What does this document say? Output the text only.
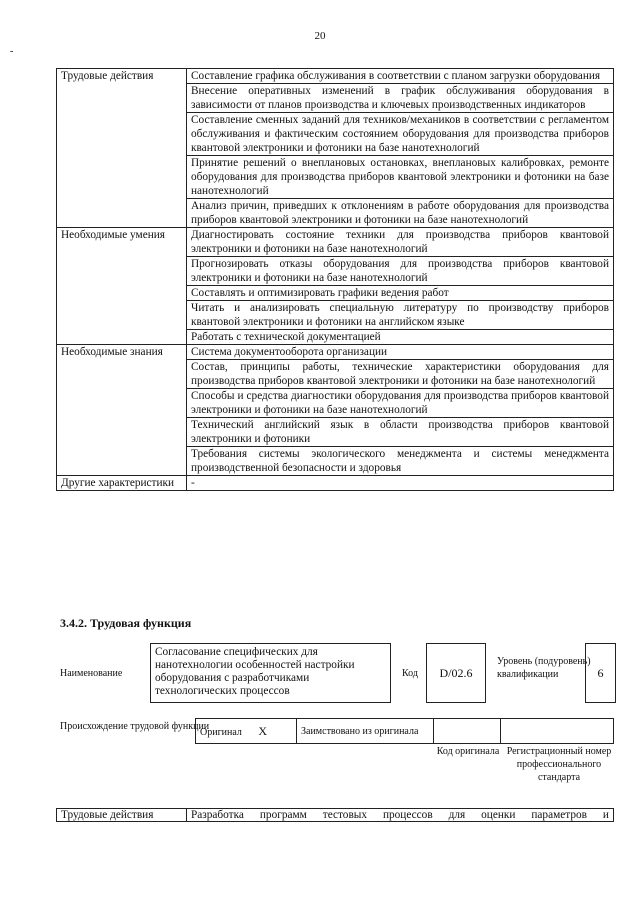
20
-
Трудовые действия	Составление графика обслуживания в соответствии с планом загрузки оборудования
	Внесение оперативных изменений в график обслуживания оборудования в зависимости от планов производства и ключевых производственных индикаторов
	Составление сменных заданий для техников/механиков в соответствии с регламентом обслуживания и фактическим состоянием оборудования для производства приборов квантовой электроники и фотоники на базе нанотехнологий
	Принятие решений о внеплановых остановках, внеплановых калибровках, ремонте оборудования для производства приборов квантовой электроники и фотоники на базе нанотехнологий
	Анализ причин, приведших к отклонениям в работе оборудования для производства приборов квантовой электроники и фотоники на базе нанотехнологий
Необходимые умения	Диагностировать состояние техники для производства приборов квантовой электроники и фотоники на базе нанотехнологий
	Прогнозировать отказы оборудования для производства приборов квантовой электроники и фотоники на базе нанотехнологий
	Составлять и оптимизировать графики ведения работ
	Читать и анализировать специальную литературу по производству приборов квантовой электроники и фотоники на английском языке
	Работать с технической документацией
Необходимые знания	Система документооборота организации
	Состав, принципы работы, технические характеристики оборудования для производства приборов квантовой электроники и фотоники на базе нанотехнологий
	Способы и средства диагностики оборудования для производства приборов квантовой электроники и фотоники на базе нанотехнологий
	Технический английский язык в области производства приборов квантовой электроники и фотоники
	Требования системы экологического менеджмента и системы менеджмента производственной безопасности и здоровья
Другие характеристики	-
3.4.2. Трудовая функция
Наименование
Согласование специфических для нанотехнологии особенностей настройки оборудования с разработчиками технологических процессов
Код	D/02.6
Уровень (подуровень) квалификации	6
Происхождение трудовой функции
Оригинал X	Заимствовано из оригинала		
Код оригинала Регистрационный номер профессионального стандарта
Трудовые действия	Разработка программ тестовых процессов для оценки параметров и
